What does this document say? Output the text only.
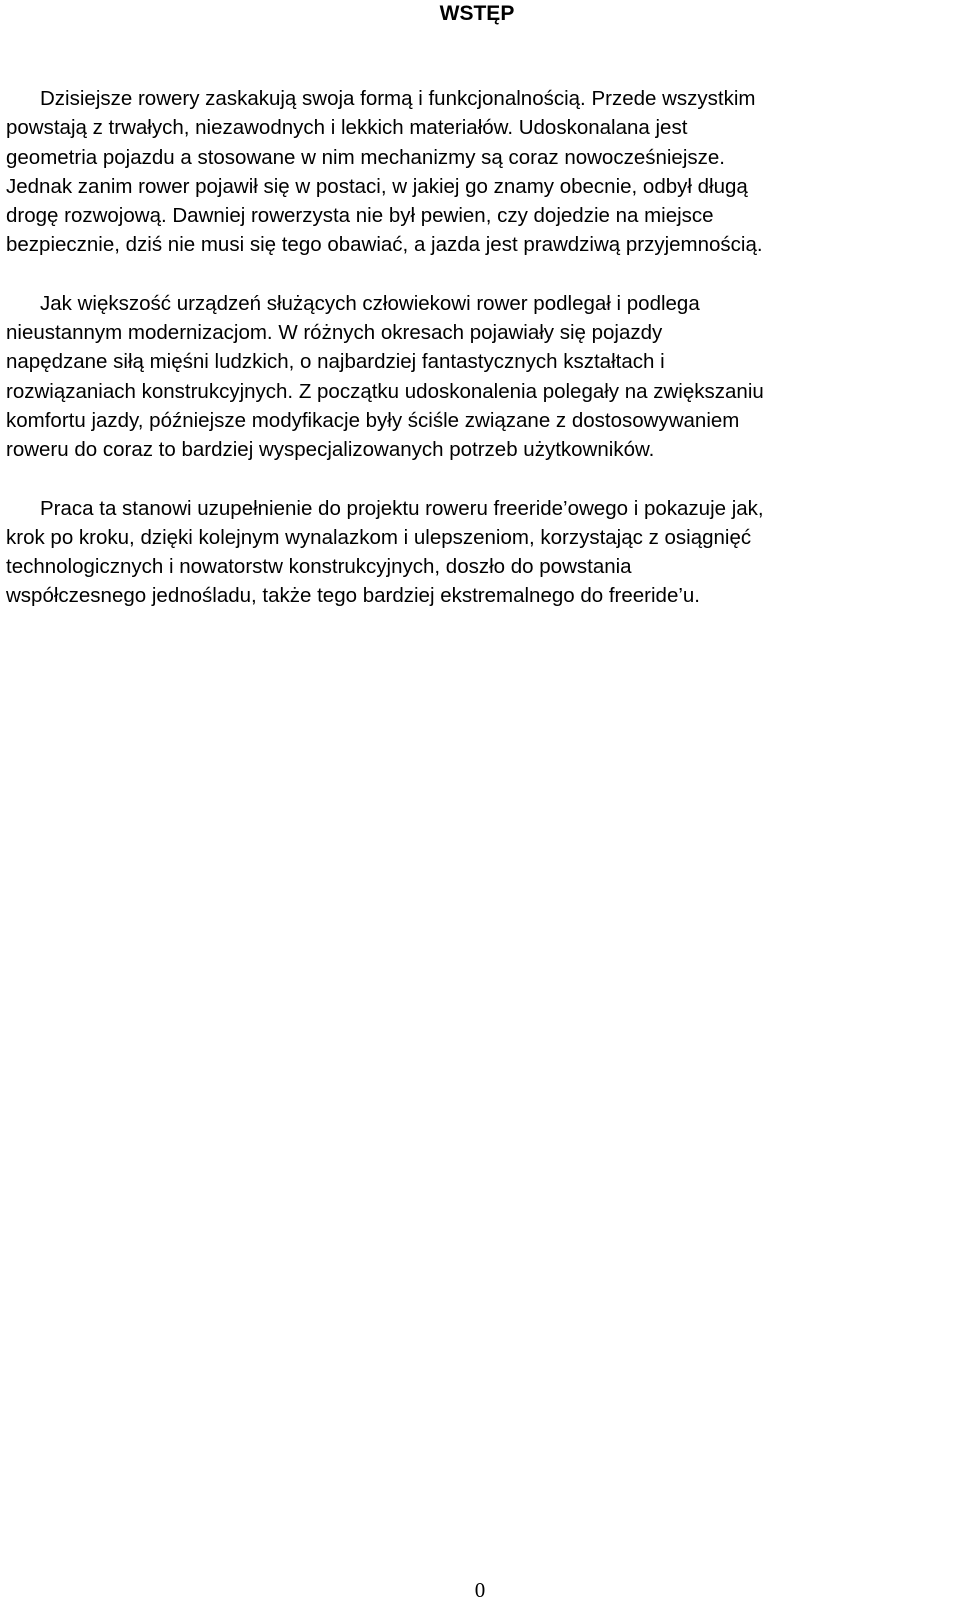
WSTĘP

Dzisiejsze rowery zaskakują swoja formą i funkcjonalnością. Przede wszystkim
powstają z trwałych, niezawodnych i lekkich materiałów. Udoskonalana jest
geometria pojazdu a stosowane w nim mechanizmy są coraz nowocześniejsze.
Jednak zanim rower pojawił się w postaci, w jakiej go znamy obecnie, odbył długą
drogę rozwojową. Dawniej rowerzysta nie był pewien, czy dojedzie na miejsce
bezpiecznie, dziś nie musi się tego obawiać, a jazda jest prawdziwą przyjemnością.

Jak większość urządzeń służących człowiekowi rower podlegał i podlega
nieustannym modernizacjom. W różnych okresach pojawiały się pojazdy
napędzane siłą mięśni ludzkich, o najbardziej fantastycznych kształtach i
rozwiązaniach konstrukcyjnych. Z początku udoskonalenia polegały na zwiększaniu
komfortu jazdy, późniejsze modyfikacje były ściśle związane z dostosowywaniem
roweru do coraz to bardziej wyspecjalizowanych potrzeb użytkowników.

Praca ta stanowi uzupełnienie do projektu roweru freeride’owego i pokazuje jak,
krok po kroku, dzięki kolejnym wynalazkom i ulepszeniom, korzystając z osiągnięć
technologicznych i nowatorstw konstrukcyjnych, doszło do powstania
współczesnego jednośladu, także tego bardziej ekstremalnego do freeride’u.

0
